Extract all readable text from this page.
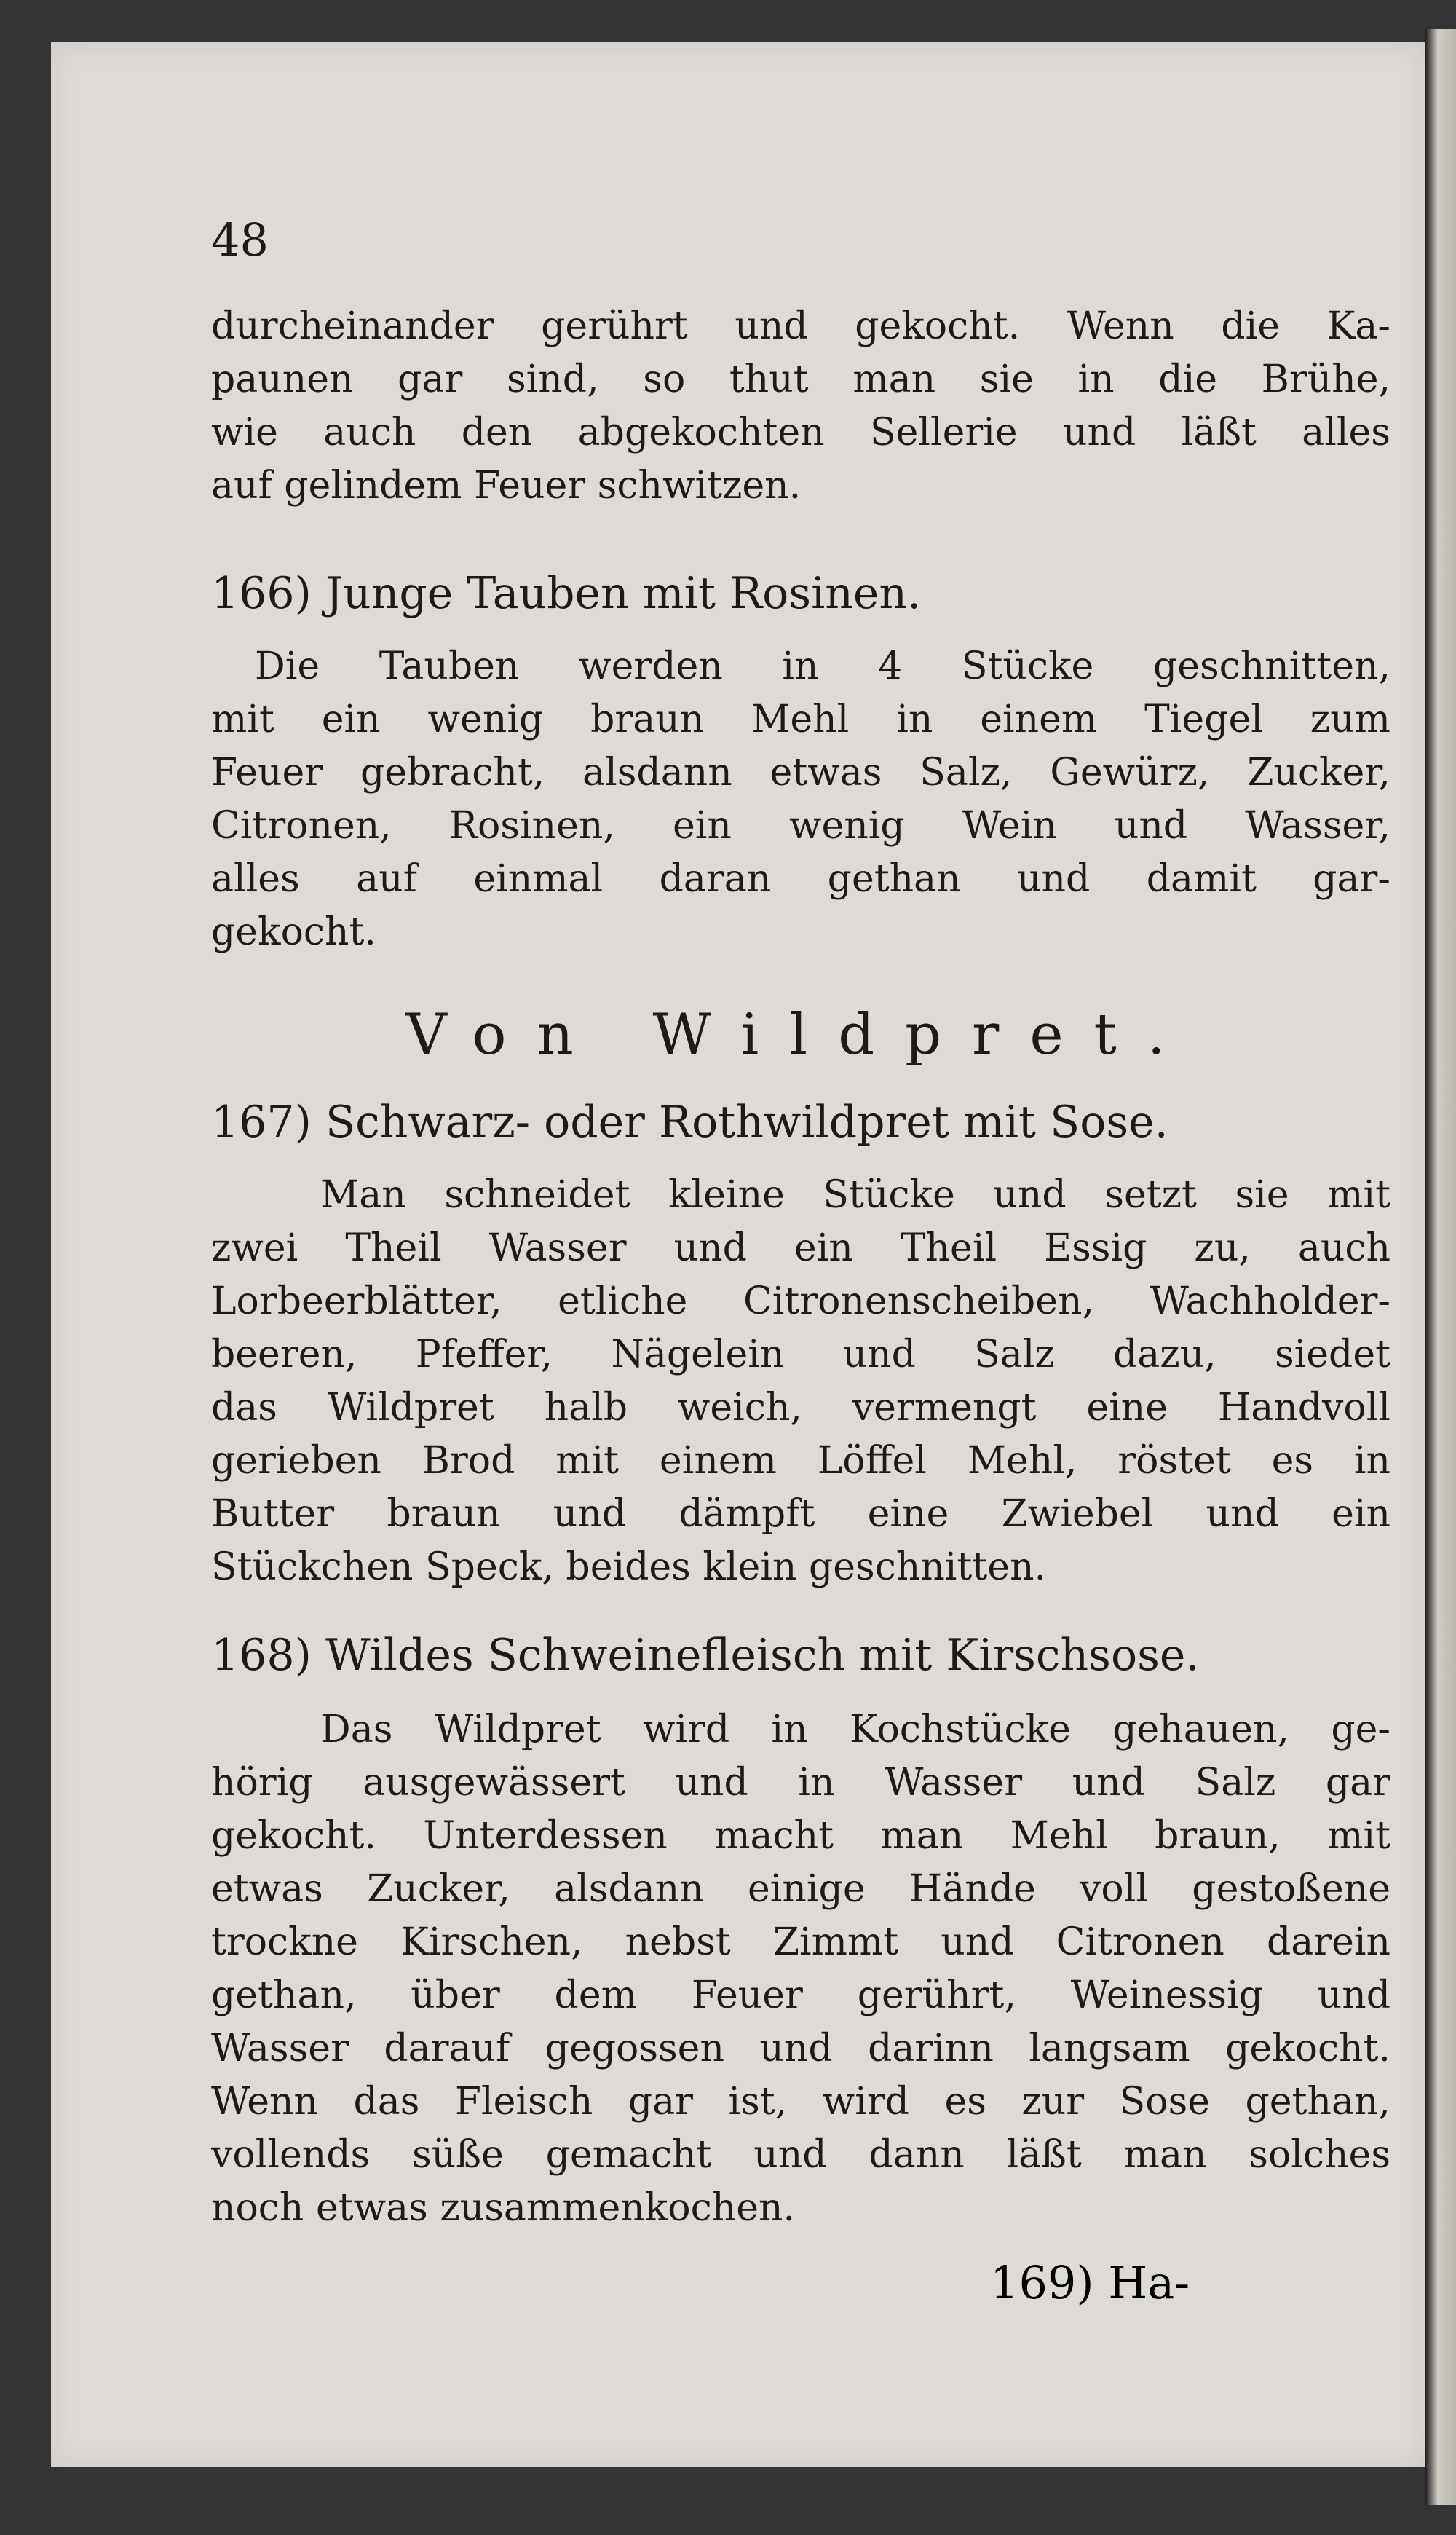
48
durcheinander gerührt und gekocht. Wenn die Ka-
paunen gar sind, so thut man sie in die Brühe,
wie auch den abgekochten Sellerie und läßt alles
auf gelindem Feuer schwitzen.
166) Junge Tauben mit Rosinen.
Die Tauben werden in 4 Stücke geschnitten,
mit ein wenig braun Mehl in einem Tiegel zum
Feuer gebracht, alsdann etwas Salz, Gewürz, Zucker,
Citronen, Rosinen, ein wenig Wein und Wasser,
alles auf einmal daran gethan und damit gar-
gekocht.
Von Wildpret.
167) Schwarz- oder Rothwildpret mit Sose.
Man schneidet kleine Stücke und setzt sie mit
zwei Theil Wasser und ein Theil Essig zu, auch
Lorbeerblätter, etliche Citronenscheiben, Wachholder-
beeren, Pfeffer, Nägelein und Salz dazu, siedet
das Wildpret halb weich, vermengt eine Handvoll
gerieben Brod mit einem Löffel Mehl, röstet es in
Butter braun und dämpft eine Zwiebel und ein
Stückchen Speck, beides klein geschnitten.
168) Wildes Schweinefleisch mit Kirschsose.
Das Wildpret wird in Kochstücke gehauen, ge-
hörig ausgewässert und in Wasser und Salz gar
gekocht. Unterdessen macht man Mehl braun, mit
etwas Zucker, alsdann einige Hände voll gestoßene
trockne Kirschen, nebst Zimmt und Citronen darein
gethan, über dem Feuer gerührt, Weinessig und
Wasser darauf gegossen und darinn langsam gekocht.
Wenn das Fleisch gar ist, wird es zur Sose gethan,
vollends süße gemacht und dann läßt man solches
noch etwas zusammenkochen.
169) Ha-
